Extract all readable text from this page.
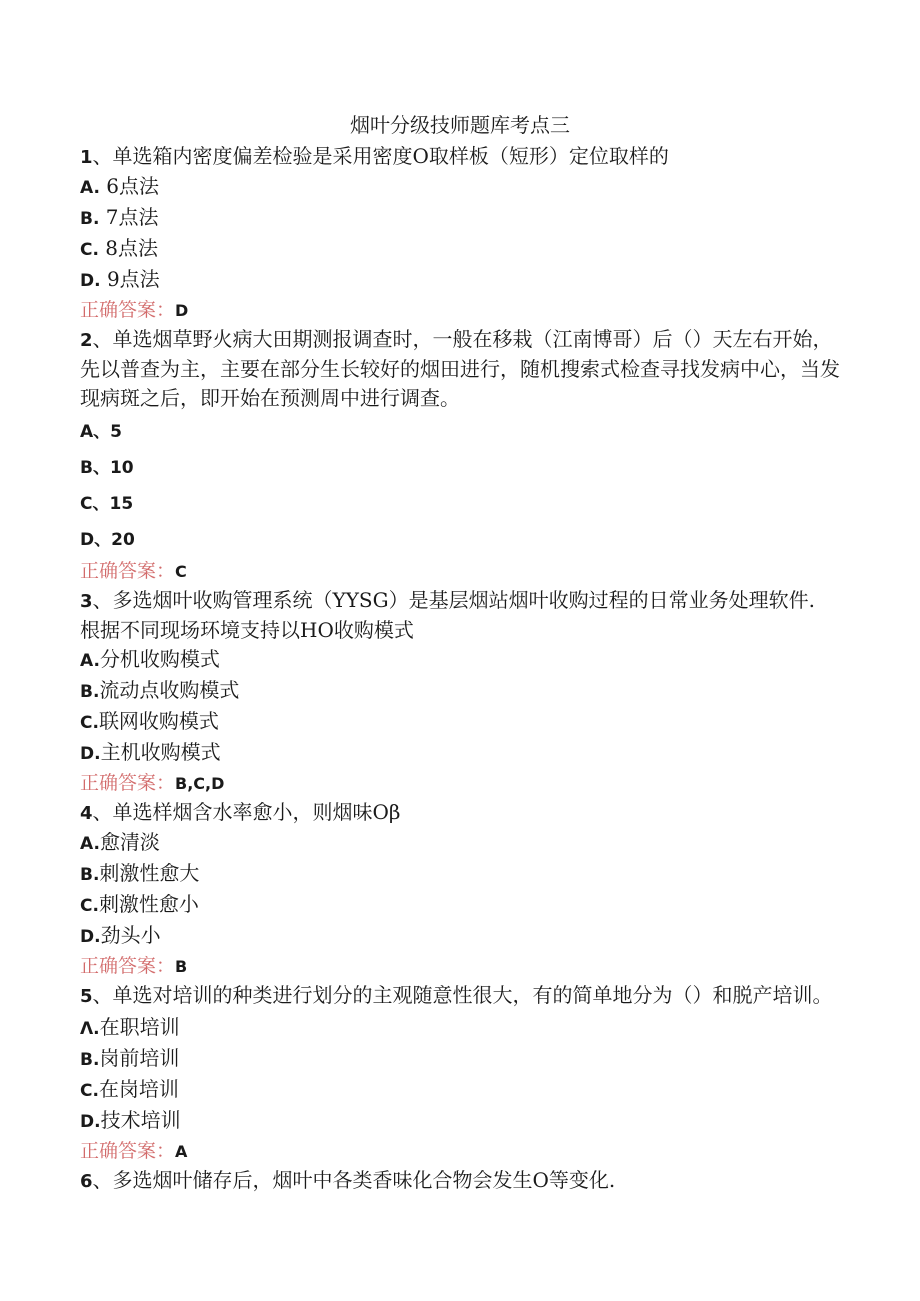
烟叶分级技师题库考点三

1、单选箱内密度偏差检验是采用密度O取样板（短形）定位取样的

A. 6点法

B. 7点法

C. 8点法

D. 9点法

正确答案：D

2、单选烟草野火病大田期测报调查时，一般在移栽（江南博哥）后（）天左右开始，先以普查为主，主要在部分生长较好的烟田进行，随机搜索式检查寻找发病中心，当发现病斑之后，即开始在预测周中进行调查。

A、5

B、10

C、15

D、20

正确答案：C

3、多选烟叶收购管理系统（YYSG）是基层烟站烟叶收购过程的日常业务处理软件. 根据不同现场环境支持以HO收购模式

A.分机收购模式

B.流动点收购模式

C.联网收购模式

D.主机收购模式

正确答案：B,C,D

4、单选样烟含水率愈小，则烟味Oβ

A.愈清淡

B.刺激性愈大

C.刺激性愈小

D.劲头小

正确答案：B

5、单选对培训的种类进行划分的主观随意性很大，有的简单地分为（）和脱产培训。

Λ.在职培训

B.岗前培训

C.在岗培训

D.技术培训

正确答案：A

6、多选烟叶储存后，烟叶中各类香味化合物会发生O等变化.
